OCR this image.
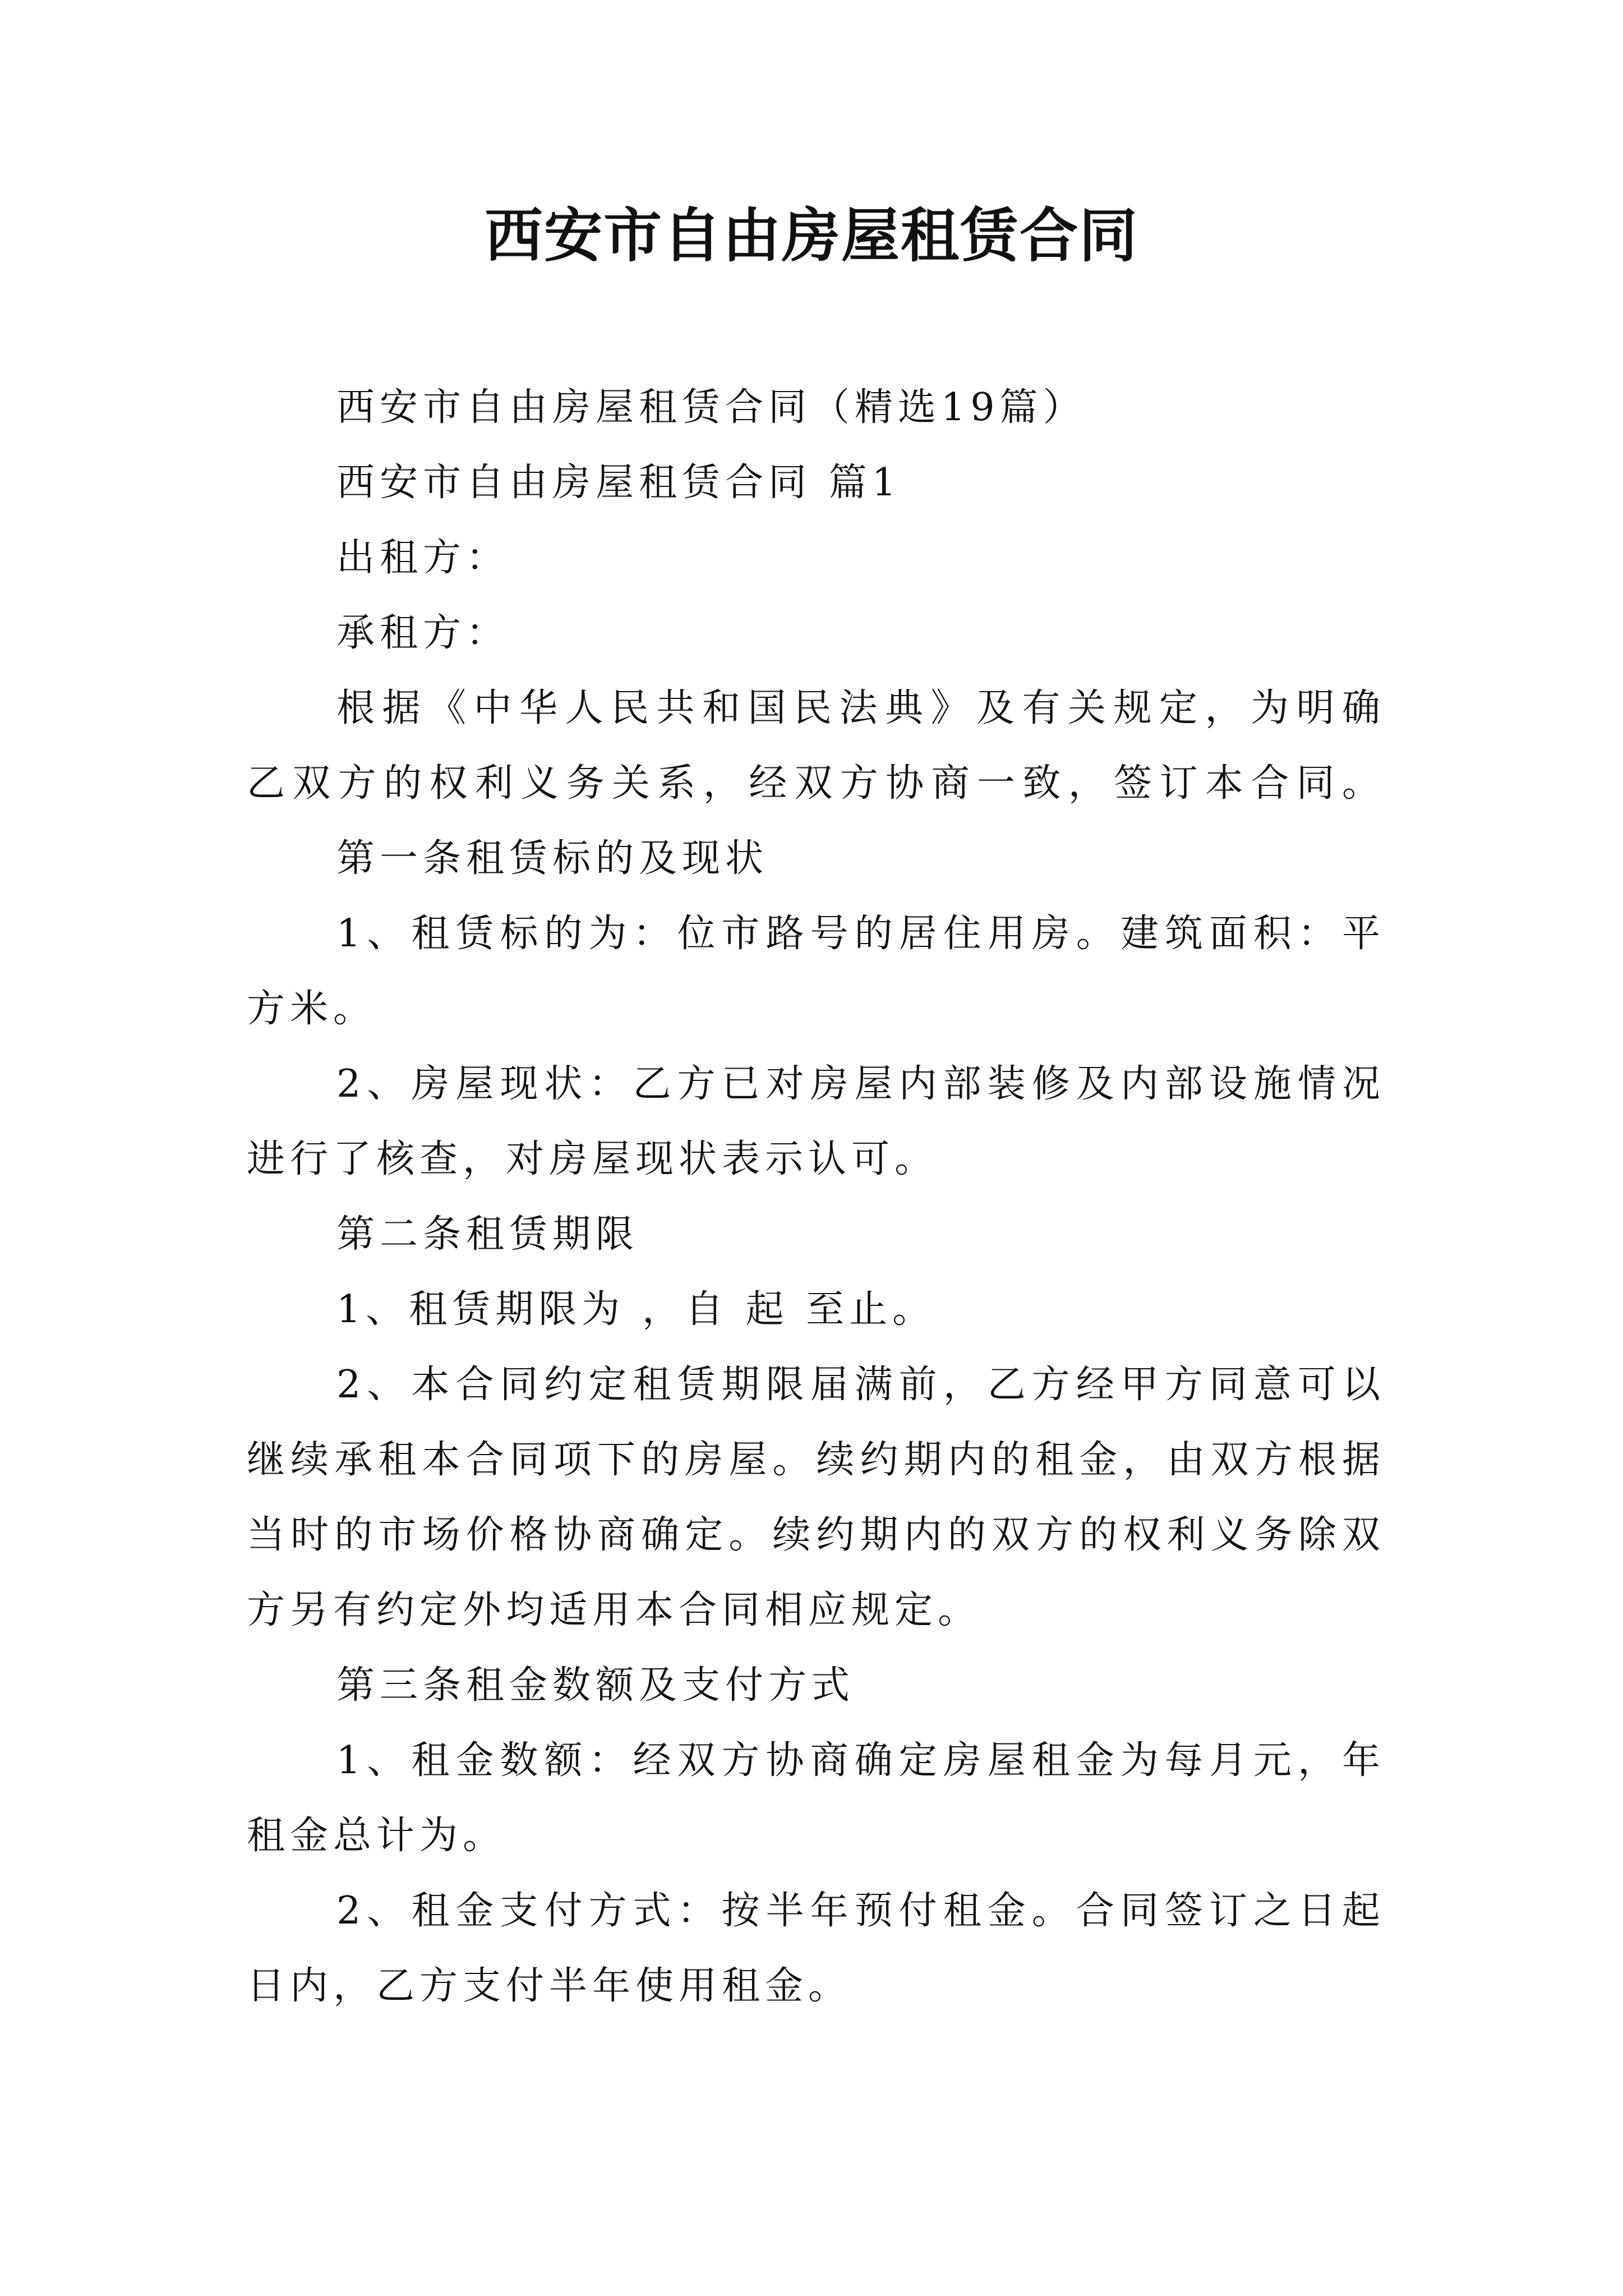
西安市自由房屋租赁合同
西安市自由房屋租赁合同（精选19篇）
西安市自由房屋租赁合同 篇1
出租方：
承租方：
根据《中华人民共和国民法典》及有关规定，为明确
乙双方的权利义务关系，经双方协商一致，签订本合同。
第一条租赁标的及现状
1、租赁标的为：位市路号的居住用房。建筑面积：平
方米。
2、房屋现状：乙方已对房屋内部装修及内部设施情况
进行了核查，对房屋现状表示认可。
第二条租赁期限
1、租赁期限为 ，自 起 至止。
2、本合同约定租赁期限届满前，乙方经甲方同意可以
继续承租本合同项下的房屋。续约期内的租金，由双方根据
当时的市场价格协商确定。续约期内的双方的权利义务除双
方另有约定外均适用本合同相应规定。
第三条租金数额及支付方式
1、租金数额：经双方协商确定房屋租金为每月元，年
租金总计为。
2、租金支付方式：按半年预付租金。合同签订之日起
日内，乙方支付半年使用租金。
